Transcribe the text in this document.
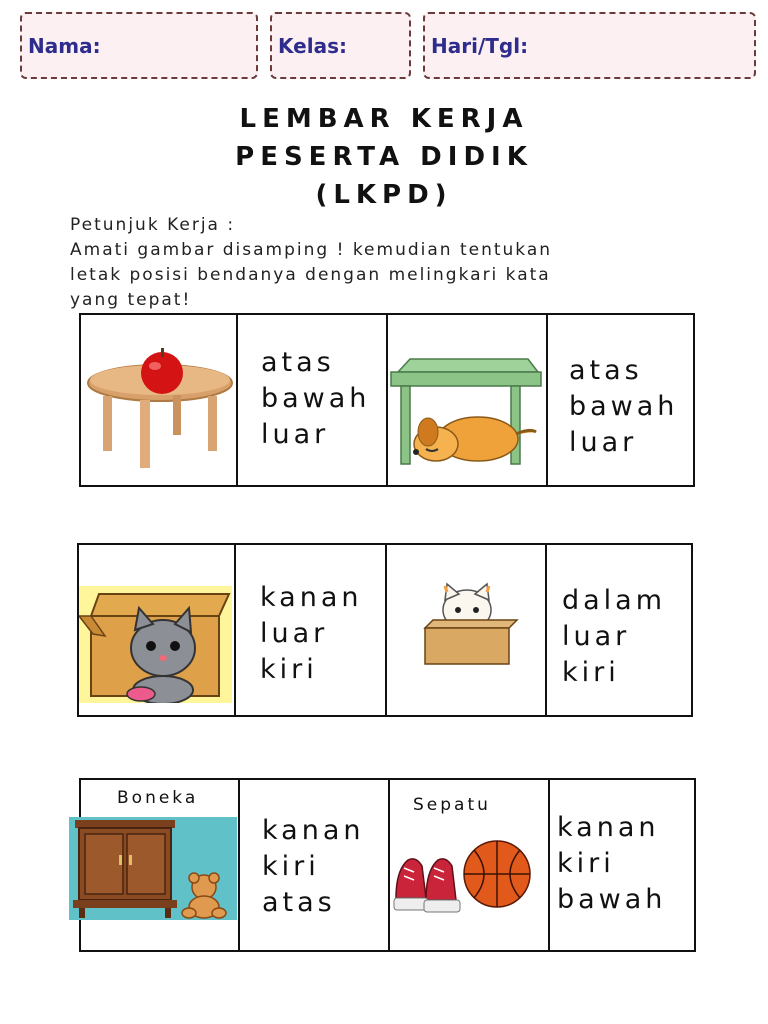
Nama:	Kelas:	Hari/Tgl:
LEMBAR KERJA
PESERTA DIDIK
(LKPD)
Petunjuk Kerja :
Amati gambar disamping ! kemudian tentukan
letak posisi bendanya dengan melingkari kata
yang tepat!
atas
bawah
luar
atas
bawah
luar
kanan
luar
kiri
dalam
luar
kiri
Boneka
kanan
kiri
atas
Sepatu
kanan
kiri
bawah
